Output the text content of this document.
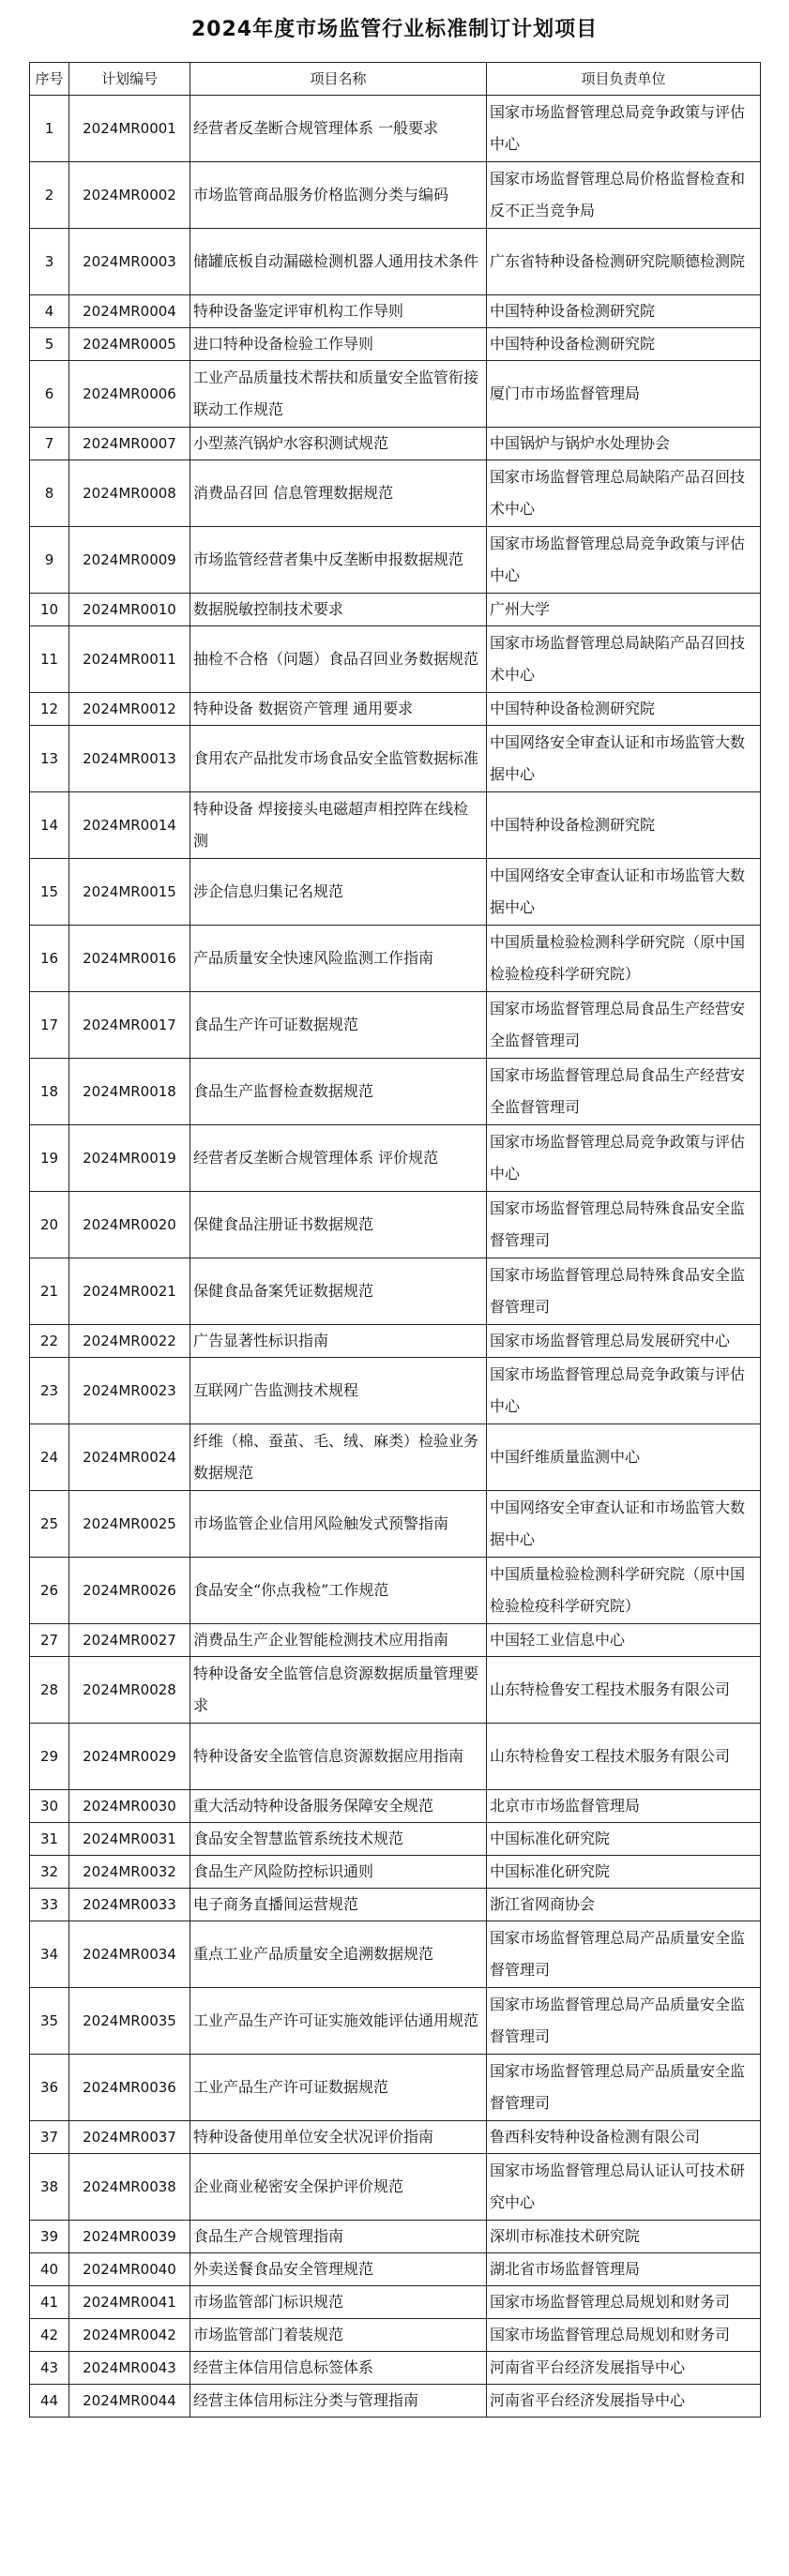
2024年度市场监管行业标准制订计划项目
序号	计划编号	项目名称	项目负责单位
1	2024MR0001	经营者反垄断合规管理体系 一般要求	国家市场监督管理总局竞争政策与评估中心
2	2024MR0002	市场监管商品服务价格监测分类与编码	国家市场监督管理总局价格监督检查和反不正当竞争局
3	2024MR0003	储罐底板自动漏磁检测机器人通用技术条件	广东省特种设备检测研究院顺德检测院
4	2024MR0004	特种设备鉴定评审机构工作导则	中国特种设备检测研究院
5	2024MR0005	进口特种设备检验工作导则	中国特种设备检测研究院
6	2024MR0006	工业产品质量技术帮扶和质量安全监管衔接联动工作规范	厦门市市场监督管理局
7	2024MR0007	小型蒸汽锅炉水容积测试规范	中国锅炉与锅炉水处理协会
8	2024MR0008	消费品召回 信息管理数据规范	国家市场监督管理总局缺陷产品召回技术中心
9	2024MR0009	市场监管经营者集中反垄断申报数据规范	国家市场监督管理总局竞争政策与评估中心
10	2024MR0010	数据脱敏控制技术要求	广州大学
11	2024MR0011	抽检不合格（问题）食品召回业务数据规范	国家市场监督管理总局缺陷产品召回技术中心
12	2024MR0012	特种设备 数据资产管理 通用要求	中国特种设备检测研究院
13	2024MR0013	食用农产品批发市场食品安全监管数据标准	中国网络安全审查认证和市场监管大数据中心
14	2024MR0014	特种设备 焊接接头电磁超声相控阵在线检测	中国特种设备检测研究院
15	2024MR0015	涉企信息归集记名规范	中国网络安全审查认证和市场监管大数据中心
16	2024MR0016	产品质量安全快速风险监测工作指南	中国质量检验检测科学研究院（原中国检验检疫科学研究院）
17	2024MR0017	食品生产许可证数据规范	国家市场监督管理总局食品生产经营安全监督管理司
18	2024MR0018	食品生产监督检查数据规范	国家市场监督管理总局食品生产经营安全监督管理司
19	2024MR0019	经营者反垄断合规管理体系 评价规范	国家市场监督管理总局竞争政策与评估中心
20	2024MR0020	保健食品注册证书数据规范	国家市场监督管理总局特殊食品安全监督管理司
21	2024MR0021	保健食品备案凭证数据规范	国家市场监督管理总局特殊食品安全监督管理司
22	2024MR0022	广告显著性标识指南	国家市场监督管理总局发展研究中心
23	2024MR0023	互联网广告监测技术规程	国家市场监督管理总局竞争政策与评估中心
24	2024MR0024	纤维（棉、蚕茧、毛、绒、麻类）检验业务数据规范	中国纤维质量监测中心
25	2024MR0025	市场监管企业信用风险触发式预警指南	中国网络安全审查认证和市场监管大数据中心
26	2024MR0026	食品安全“你点我检”工作规范	中国质量检验检测科学研究院（原中国检验检疫科学研究院）
27	2024MR0027	消费品生产企业智能检测技术应用指南	中国轻工业信息中心
28	2024MR0028	特种设备安全监管信息资源数据质量管理要求	山东特检鲁安工程技术服务有限公司
29	2024MR0029	特种设备安全监管信息资源数据应用指南	山东特检鲁安工程技术服务有限公司
30	2024MR0030	重大活动特种设备服务保障安全规范	北京市市场监督管理局
31	2024MR0031	食品安全智慧监管系统技术规范	中国标准化研究院
32	2024MR0032	食品生产风险防控标识通则	中国标准化研究院
33	2024MR0033	电子商务直播间运营规范	浙江省网商协会
34	2024MR0034	重点工业产品质量安全追溯数据规范	国家市场监督管理总局产品质量安全监督管理司
35	2024MR0035	工业产品生产许可证实施效能评估通用规范	国家市场监督管理总局产品质量安全监督管理司
36	2024MR0036	工业产品生产许可证数据规范	国家市场监督管理总局产品质量安全监督管理司
37	2024MR0037	特种设备使用单位安全状况评价指南	鲁西科安特种设备检测有限公司
38	2024MR0038	企业商业秘密安全保护评价规范	国家市场监督管理总局认证认可技术研究中心
39	2024MR0039	食品生产合规管理指南	深圳市标准技术研究院
40	2024MR0040	外卖送餐食品安全管理规范	湖北省市场监督管理局
41	2024MR0041	市场监管部门标识规范	国家市场监督管理总局规划和财务司
42	2024MR0042	市场监管部门着装规范	国家市场监督管理总局规划和财务司
43	2024MR0043	经营主体信用信息标签体系	河南省平台经济发展指导中心
44	2024MR0044	经营主体信用标注分类与管理指南	河南省平台经济发展指导中心
